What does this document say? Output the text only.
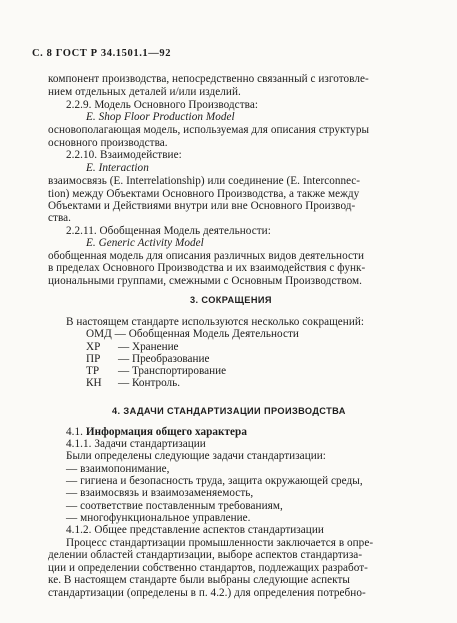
С. 8 ГОСТ Р 34.1501.1—92
компонент производства, непосредственно связанный с изготовле-
нием отдельных деталей и/или изделий.
2.2.9. Модель Основного Производства:
E. Shop Floor Production Model
основополагающая модель, используемая для описания структуры
основного производства.
2.2.10. Взаимодействие:
E. Interaction
взаимосвязь (E. Interrelationship) или соединение (E. Interconnec-
tion) между Объектами Основного Производства, а также между
Объектами и Действиями внутри или вне Основного Производ-
ства.
2.2.11. Обобщенная Модель деятельности:
E. Generic Activity Model
обобщенная модель для описания различных видов деятельности
в пределах Основного Производства и их взаимодействия с функ-
циональными группами, смежными с Основным Производством.
3. СОКРАЩЕНИЯ
В настоящем стандарте используются несколько сокращений:
ОМД — Обобщенная Модель Деятельности
ХР — Хранение
ПР — Преобразование
ТР — Транспортирование
КН — Контроль.
4. ЗАДАЧИ СТАНДАРТИЗАЦИИ ПРОИЗВОДСТВА
4.1. Информация общего характера
4.1.1. Задачи стандартизации
Были определены следующие задачи стандартизации:
— взаимопонимание,
— гигиена и безопасность труда, защита окружающей среды,
— взаимосвязь и взаимозаменяемость,
— соответствие поставленным требованиям,
— многофункциональное управление.
4.1.2. Общее представление аспектов стандартизации
Процесс стандартизации промышленности заключается в опре-
делении областей стандартизации, выборе аспектов стандартиза-
ции и определении собственно стандартов, подлежащих разработ-
ке. В настоящем стандарте были выбраны следующие аспекты
стандартизации (определены в п. 4.2.) для определения потребно-
